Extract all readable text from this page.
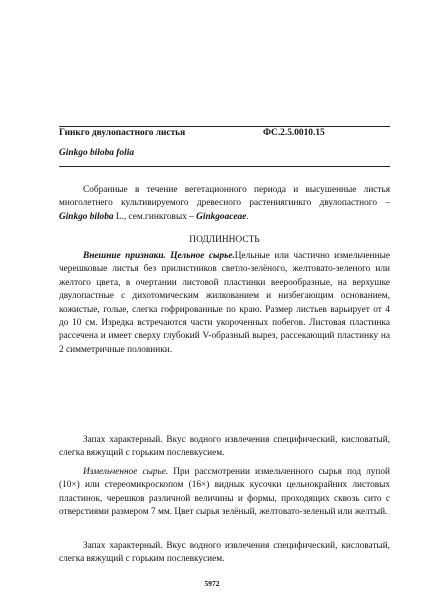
Гинкго двулопастного листья	ФС.2.5.0010.15
Ginkgo biloba folia

Собранные в течение вегетационного периода и высушенные листья многолетнего культивируемого древесного растениягинкго двулопастного – Ginkgo biloba L., сем.гинкговых – Ginkgoaceae.

ПОДЛИННОСТЬ

Внешние признаки. Цельное сырье.Цельные или частично измельченные черешковые листья без прилистников светло-зелёного, желтовато-зеленого или желтого цвета, в очертании листовой пластинки веерообразные, на верхушке двулопастные с дихотомическим жилкованием и низбегающим основанием, кожистые, голые, слегка гофрированные по краю. Размер листьев варьирует от 4 до 10 см. Изредка встречаются части укороченных побегов. Листовая пластинка рассечена и имеет сверху глубокий V-образный вырез, рассекающий пластинку на 2 симметричные половинки.

Запах характерный. Вкус водного извлечения специфический, кисловатый, слегка вяжущий с горьким послевкусием.

Измельченное сырье. При рассмотрении измельченного сырья под лупой (10×) или стереомикроскопом (16×) виднык кусочки цельнокрайних листовых пластинок, черешков различной величины и формы, проходящих сквозь сито с отверстиями размером 7 мм. Цвет сырья зелёный, желтовато-зеленый или желтый.

Запах характерный. Вкус водного извлечения специфический, кисловатый, слегка вяжущий с горьким послевкусием.

5972
